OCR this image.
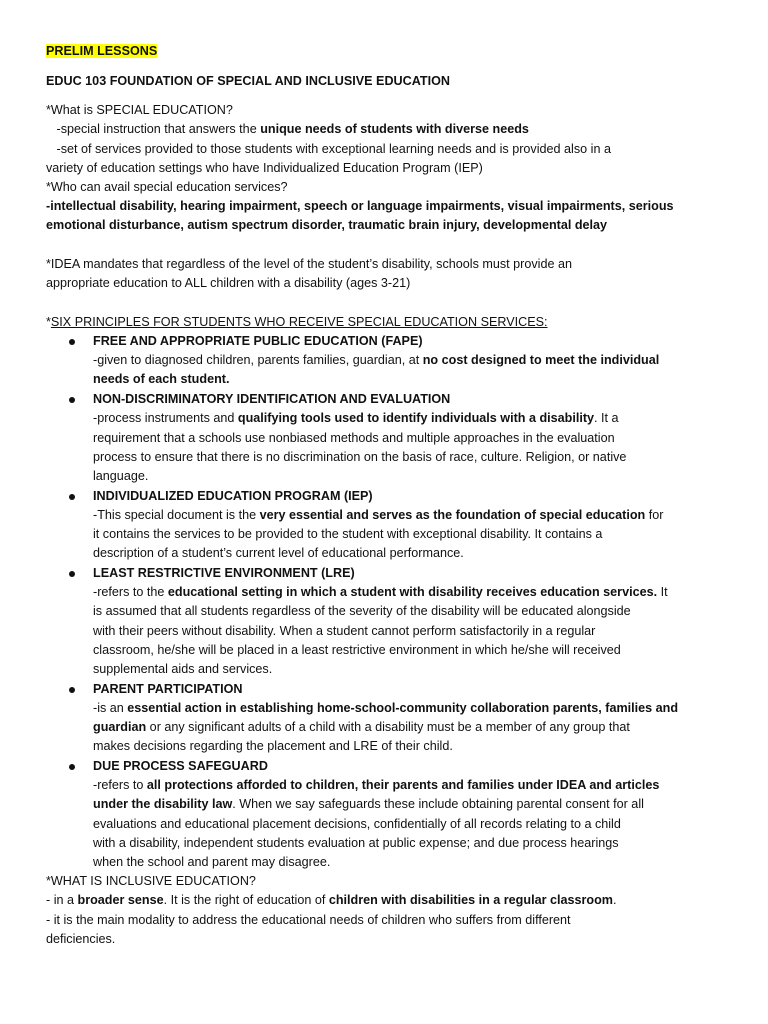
PRELIM LESSONS
EDUC 103 FOUNDATION OF SPECIAL AND INCLUSIVE EDUCATION
*What is SPECIAL EDUCATION?
-special instruction that answers the unique needs of students with diverse needs
-set of services provided to those students with exceptional learning needs and is provided also in a
variety of education settings who have Individualized Education Program (IEP)
*Who can avail special education services?
-intellectual disability, hearing impairment, speech or language impairments, visual impairments, serious
emotional disturbance, autism spectrum disorder, traumatic brain injury, developmental delay
*IDEA mandates that regardless of the level of the student’s disability, schools must provide an
appropriate education to ALL children with a disability (ages 3-21)
*SIX PRINCIPLES FOR STUDENTS WHO RECEIVE SPECIAL EDUCATION SERVICES:
FREE AND APPROPRIATE PUBLIC EDUCATION (FAPE)
-given to diagnosed children, parents families, guardian, at no cost designed to meet the individual
needs of each student.
NON-DISCRIMINATORY IDENTIFICATION AND EVALUATION
-process instruments and qualifying tools used to identify individuals with a disability. It a
requirement that a schools use nonbiased methods and multiple approaches in the evaluation
process to ensure that there is no discrimination on the basis of race, culture. Religion, or native
language.
INDIVIDUALIZED EDUCATION PROGRAM (IEP)
-This special document is the very essential and serves as the foundation of special education for
it contains the services to be provided to the student with exceptional disability. It contains a
description of a student’s current level of educational performance.
LEAST RESTRICTIVE ENVIRONMENT (LRE)
-refers to the educational setting in which a student with disability receives education services. It
is assumed that all students regardless of the severity of the disability will be educated alongside
with their peers without disability. When a student cannot perform satisfactorily in a regular
classroom, he/she will be placed in a least restrictive environment in which he/she will received
supplemental aids and services.
PARENT PARTICIPATION
-is an essential action in establishing home-school-community collaboration parents, families and
guardian or any significant adults of a child with a disability must be a member of any group that
makes decisions regarding the placement and LRE of their child.
DUE PROCESS SAFEGUARD
-refers to all protections afforded to children, their parents and families under IDEA and articles
under the disability law. When we say safeguards these include obtaining parental consent for all
evaluations and educational placement decisions, confidentially of all records relating to a child
with a disability, independent students evaluation at public expense; and due process hearings
when the school and parent may disagree.
*WHAT IS INCLUSIVE EDUCATION?
- in a broader sense. It is the right of education of children with disabilities in a regular classroom.
- it is the main modality to address the educational needs of children who suffers from different
deficiencies.
